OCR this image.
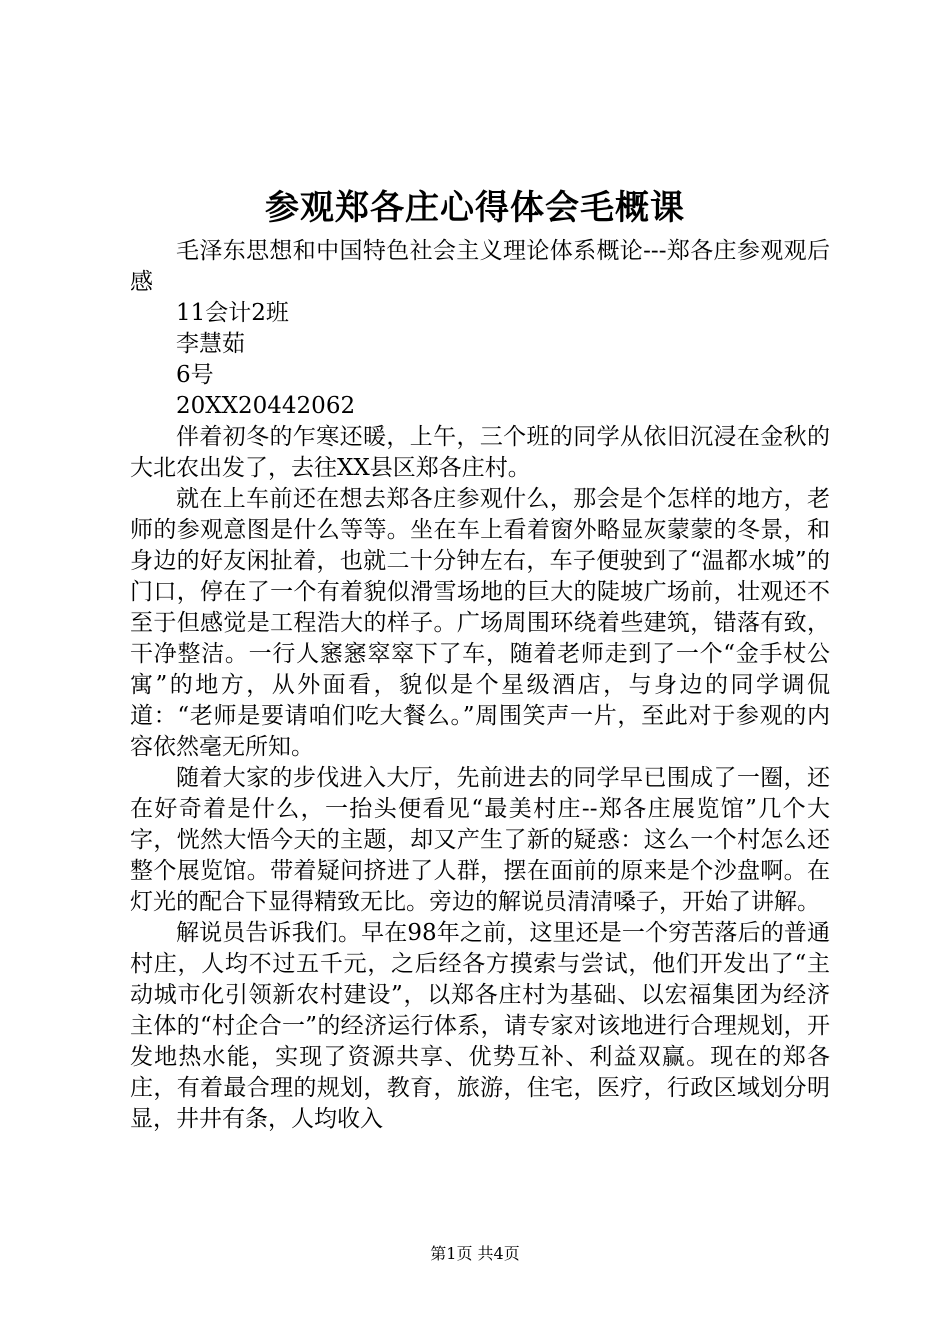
参观郑各庄心得体会毛概课

毛泽东思想和中国特色社会主义理论体系概论---郑各庄参观观后感

11会计2班

李慧茹

6号

20XX20442062

伴着初冬的乍寒还暖，上午，三个班的同学从依旧沉浸在金秋的大北农出发了，去往XX县区郑各庄村。

就在上车前还在想去郑各庄参观什么，那会是个怎样的地方，老师的参观意图是什么等等。坐在车上看着窗外略显灰蒙蒙的冬景，和身边的好友闲扯着，也就二十分钟左右，车子便驶到了“温都水城”的门口，停在了一个有着貌似滑雪场地的巨大的陡坡广场前，壮观还不至于但感觉是工程浩大的样子。广场周围环绕着些建筑，错落有致，干净整洁。一行人窸窸窣窣下了车，随着老师走到了一个“金手杖公寓”的地方，从外面看，貌似是个星级酒店，与身边的同学调侃道：“老师是要请咱们吃大餐么。”周围笑声一片，至此对于参观的内容依然毫无所知。

随着大家的步伐进入大厅，先前进去的同学早已围成了一圈，还在好奇着是什么，一抬头便看见“最美村庄--郑各庄展览馆”几个大字，恍然大悟今天的主题，却又产生了新的疑惑：这么一个村怎么还整个展览馆。带着疑问挤进了人群，摆在面前的原来是个沙盘啊。在灯光的配合下显得精致无比。旁边的解说员清清嗓子，开始了讲解。

解说员告诉我们。早在98年之前，这里还是一个穷苦落后的普通村庄，人均不过五千元，之后经各方摸索与尝试，他们开发出了“主动城市化引领新农村建设”，以郑各庄村为基础、以宏福集团为经济主体的“村企合一”的经济运行体系，请专家对该地进行合理规划，开发地热水能，实现了资源共享、优势互补、利益双赢。现在的郑各庄，有着最合理的规划，教育，旅游，住宅，医疗，行政区域划分明显，井井有条，人均收入

第1页 共4页
